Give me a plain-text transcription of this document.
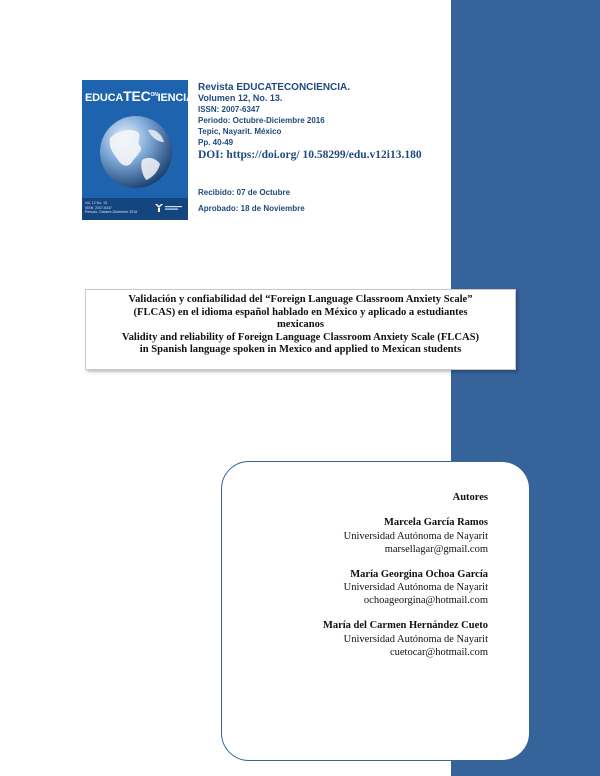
$EDUCATEC^{ON}IENCIA$
Vol. 12 No. 13
ISSN: 2007-6347
Periodo: Octubre-Diciembre 2016
Revista EDUCATECONCIENCIA.
Volumen 12, No. 13.
ISSN: 2007-6347
Periodo: Octubre-Diciembre 2016
Tepic, Nayarit. México
Pp. 40-49
DOI: https://doi.org/ 10.58299/edu.v12i13.180
Recibido: 07 de Octubre
Aprobado: 18 de Noviembre
Validación y confiabilidad del “Foreign Language Classroom Anxiety Scale”
(FLCAS) en el idioma español hablado en México y aplicado a estudiantes
mexicanos
Validity and reliability of Foreign Language Classroom Anxiety Scale (FLCAS)
in Spanish language spoken in Mexico and applied to Mexican students
Autores
Marcela García Ramos
Universidad Autónoma de Nayarit
marsellagar@gmail.com
María Georgina Ochoa García
Universidad Autónoma de Nayarit
ochoageorgina@hotmail.com
María del Carmen Hernández Cueto
Universidad Autónoma de Nayarit
cuetocar@hotmail.com
